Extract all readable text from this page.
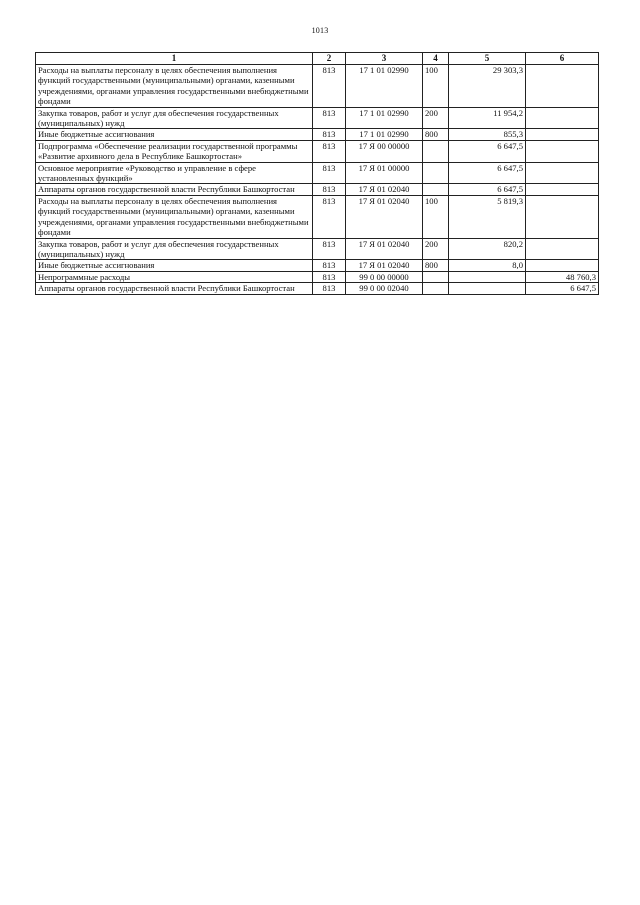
1013
1	2	3	4	5	6
Расходы на выплаты персоналу в целях обеспечения выполнения функций государственными (муниципальными) органами, казенными учреждениями, органами управления государственными внебюджетными фондами	813	17 1 01 02990	100	29 303,3	
Закупка товаров, работ и услуг для обеспечения государственных (муниципальных) нужд	813	17 1 01 02990	200	11 954,2	
Иные бюджетные ассигнования	813	17 1 01 02990	800	855,3	
Подпрограмма «Обеспечение реализации государственной программы «Развитие архивного дела в Республике Башкортостан»	813	17 Я 00 00000		6 647,5	
Основное мероприятие «Руководство и управление в сфере установленных функций»	813	17 Я 01 00000		6 647,5	
Аппараты органов государственной власти Республики Башкортостан	813	17 Я 01 02040		6 647,5	
Расходы на выплаты персоналу в целях обеспечения выполнения функций государственными (муниципальными) органами, казенными учреждениями, органами управления государственными внебюджетными фондами	813	17 Я 01 02040	100	5 819,3	
Закупка товаров, работ и услуг для обеспечения государственных (муниципальных) нужд	813	17 Я 01 02040	200	820,2	
Иные бюджетные ассигнования	813	17 Я 01 02040	800	8,0	
Непрограммные расходы	813	99 0 00 00000			48 760,3
Аппараты органов государственной власти Республики Башкортостан	813	99 0 00 02040			6 647,5
